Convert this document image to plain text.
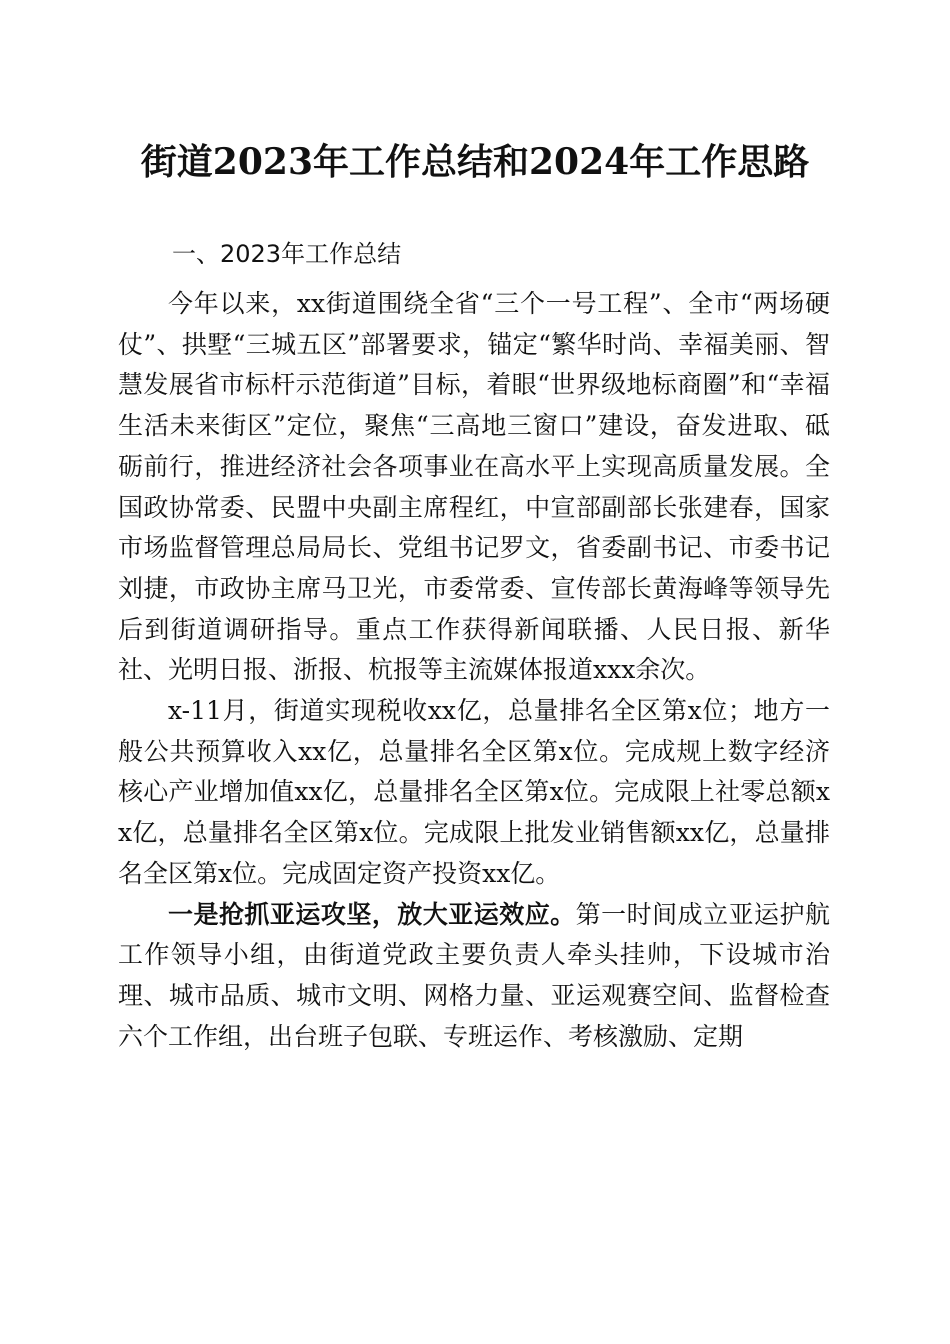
街道2023年工作总结和2024年工作思路
一、2023年工作总结

今年以来，xx街道围绕全省“三个一号工程”、全市“两场硬仗”、拱墅“三城五区”部署要求，锚定“繁华时尚、幸福美丽、智慧发展省市标杆示范街道”目标，着眼“世界级地标商圈”和“幸福生活未来街区”定位，聚焦“三高地三窗口”建设，奋发进取、砥砺前行，推进经济社会各项事业在高水平上实现高质量发展。全国政协常委、民盟中央副主席程红，中宣部副部长张建春，国家市场监督管理总局局长、党组书记罗文，省委副书记、市委书记刘捷，市政协主席马卫光，市委常委、宣传部长黄海峰等领导先后到街道调研指导。重点工作获得新闻联播、人民日报、新华社、光明日报、浙报、杭报等主流媒体报道xxx余次。

x-11月，街道实现税收xx亿，总量排名全区第x位；地方一般公共预算收入xx亿，总量排名全区第x位。完成规上数字经济核心产业增加值xx亿，总量排名全区第x位。完成限上社零总额xx亿，总量排名全区第x位。完成限上批发业销售额xx亿，总量排名全区第x位。完成固定资产投资xx亿。

一是抢抓亚运攻坚，放大亚运效应。第一时间成立亚运护航工作领导小组，由街道党政主要负责人牵头挂帅，下设城市治理、城市品质、城市文明、网格力量、亚运观赛空间、监督检查六个工作组，出台班子包联、专班运作、考核激励、定期
